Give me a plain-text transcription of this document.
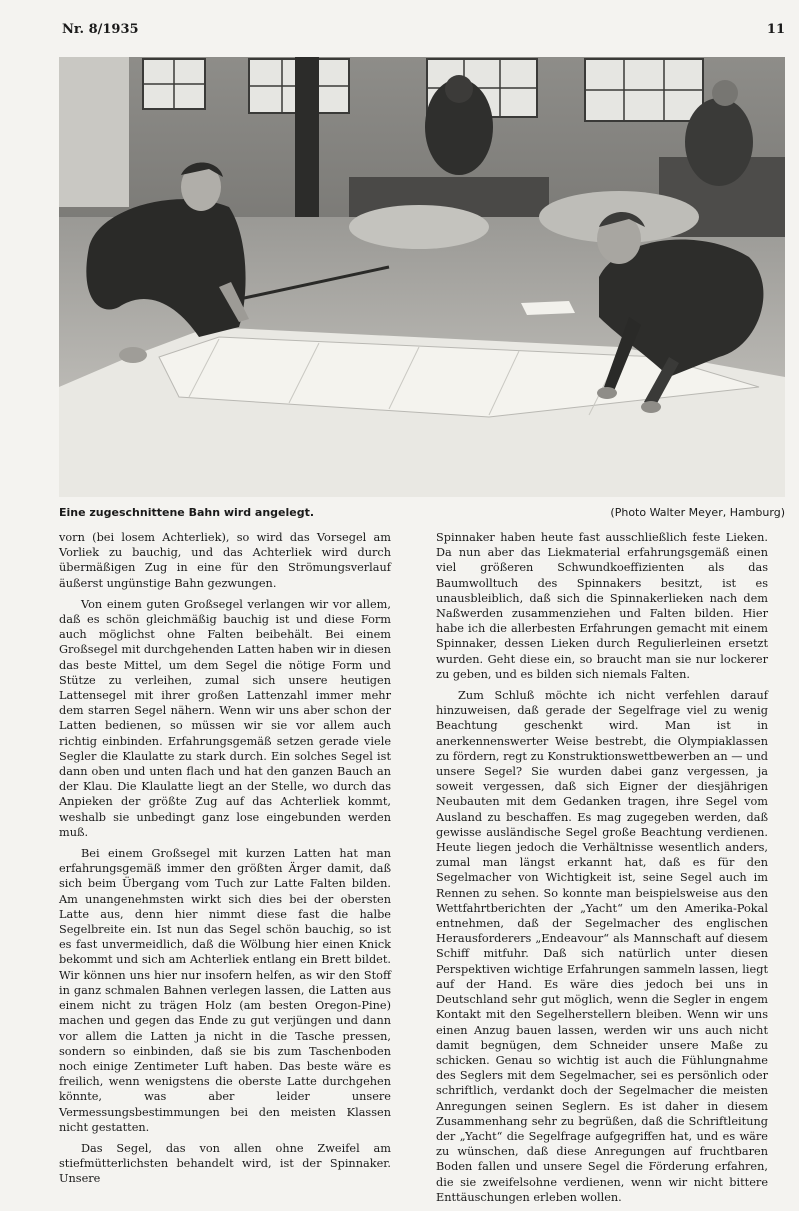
Nr. 8/1935	11
Eine zugeschnittene Bahn wird angelegt.	(Photo Walter Meyer, Hamburg)

vorn (bei losem Achterliek), so wird das Vorsegel am Vorliek zu bauchig, und das Achterliek wird durch übermäßigen Zug in eine für den Strömungsverlauf äußerst ungünstige Bahn gezwungen.

Von einem guten Großsegel verlangen wir vor allem, daß es schön gleichmäßig bauchig ist und diese Form auch möglichst ohne Falten beibehält. Bei einem Großsegel mit durchgehenden Latten haben wir in diesen das beste Mittel, um dem Segel die nötige Form und Stütze zu verleihen, zumal sich unsere heutigen Lattensegel mit ihrer großen Lattenzahl immer mehr dem starren Segel nähern. Wenn wir uns aber schon der Latten bedienen, so müssen wir sie vor allem auch richtig einbinden. Erfahrungsgemäß setzen gerade viele Segler die Klaulatte zu stark durch. Ein solches Segel ist dann oben und unten flach und hat den ganzen Bauch an der Klau. Die Klaulatte liegt an der Stelle, wo durch das Anpieken der größte Zug auf das Achterliek kommt, weshalb sie unbedingt ganz lose eingebunden werden muß.

Bei einem Großsegel mit kurzen Latten hat man erfahrungsgemäß immer den größten Ärger damit, daß sich beim Übergang vom Tuch zur Latte Falten bilden. Am unangenehmsten wirkt sich dies bei der obersten Latte aus, denn hier nimmt diese fast die halbe Segelbreite ein. Ist nun das Segel schön bauchig, so ist es fast unvermeidlich, daß die Wölbung hier einen Knick bekommt und sich am Achterliek entlang ein Brett bildet. Wir können uns hier nur insofern helfen, as wir den Stoff in ganz schmalen Bahnen verlegen lassen, die Latten aus einem nicht zu trägen Holz (am besten Oregon-Pine) machen und gegen das Ende zu gut verjüngen und dann vor allem die Latten ja nicht in die Tasche pressen, sondern so einbinden, daß sie bis zum Taschenboden noch einige Zentimeter Luft haben. Das beste wäre es freilich, wenn wenigstens die oberste Latte durchgehen könnte, was aber leider unsere Vermessungsbestimmungen bei den meisten Klassen nicht gestatten.

Das Segel, das von allen ohne Zweifel am stiefmütterlichsten behandelt wird, ist der Spinnaker. Unsere

Spinnaker haben heute fast ausschließlich feste Lieken. Da nun aber das Liekmaterial erfahrungsgemäß einen viel größeren Schwundkoeffizienten als das Baumwolltuch des Spinnakers besitzt, ist es unausbleiblich, daß sich die Spinnakerlieken nach dem Naßwerden zusammenziehen und Falten bilden. Hier habe ich die allerbesten Erfahrungen gemacht mit einem Spinnaker, dessen Lieken durch Regulierleinen ersetzt wurden. Geht diese ein, so braucht man sie nur lockerer zu geben, und es bilden sich niemals Falten.

Zum Schluß möchte ich nicht verfehlen darauf hinzuweisen, daß gerade der Segelfrage viel zu wenig Beachtung geschenkt wird. Man ist in anerkennenswerter Weise bestrebt, die Olympiaklassen zu fördern, regt zu Konstruktionswettbewerben an — und unsere Segel? Sie wurden dabei ganz vergessen, ja soweit vergessen, daß sich Eigner der diesjährigen Neubauten mit dem Gedanken tragen, ihre Segel vom Ausland zu beschaffen. Es mag zugegeben werden, daß gewisse ausländische Segel große Beachtung verdienen. Heute liegen jedoch die Verhältnisse wesentlich anders, zumal man längst erkannt hat, daß es für den Segelmacher von Wichtigkeit ist, seine Segel auch im Rennen zu sehen. So konnte man beispielsweise aus den Wettfahrtberichten der „Yacht“ um den Amerika-Pokal entnehmen, daß der Segelmacher des englischen Herausforderers „Endeavour“ als Mannschaft auf diesem Schiff mitfuhr. Daß sich natürlich unter diesen Perspektiven wichtige Erfahrungen sammeln lassen, liegt auf der Hand. Es wäre dies jedoch bei uns in Deutschland sehr gut möglich, wenn die Segler in engem Kontakt mit den Segelherstellern bleiben. Wenn wir uns einen Anzug bauen lassen, werden wir uns auch nicht damit begnügen, dem Schneider unsere Maße zu schicken. Genau so wichtig ist auch die Fühlungnahme des Seglers mit dem Segelmacher, sei es persönlich oder schriftlich, verdankt doch der Segelmacher die meisten Anregungen seinen Seglern. Es ist daher in diesem Zusammenhang sehr zu begrüßen, daß die Schriftleitung der „Yacht“ die Segelfrage aufgegriffen hat, und es wäre zu wünschen, daß diese Anregungen auf fruchtbaren Boden fallen und unsere Segel die Förderung erfahren, die sie zweifelsohne verdienen, wenn wir nicht bittere Enttäuschungen erleben wollen.
